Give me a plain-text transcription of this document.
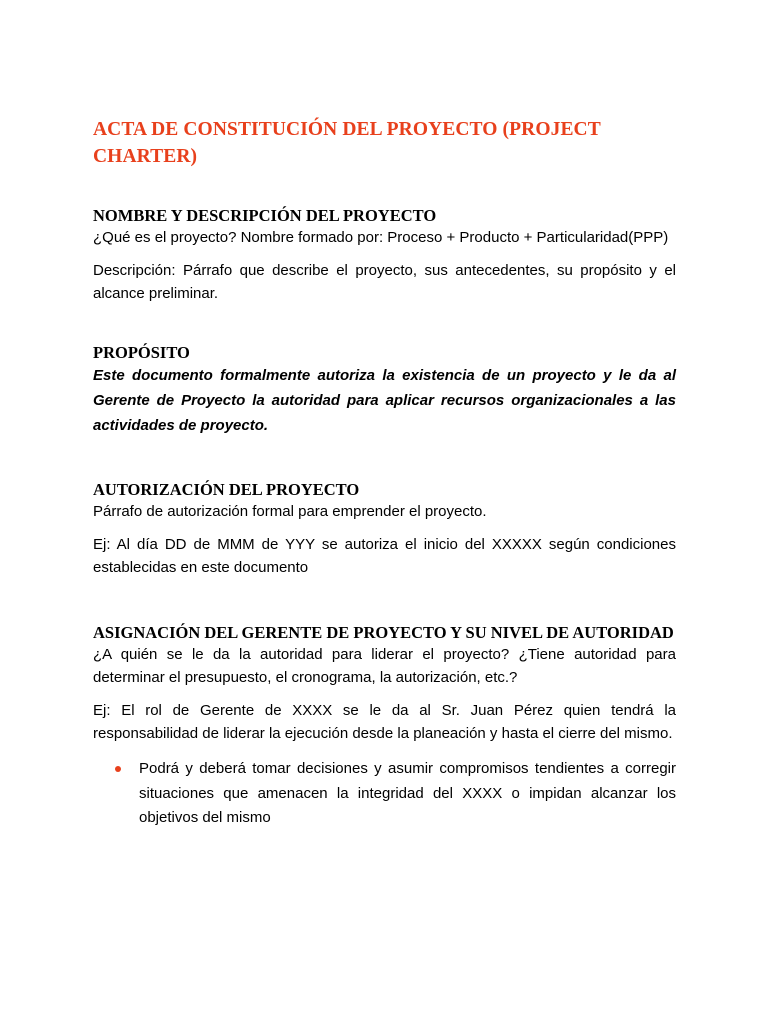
ACTA DE CONSTITUCIÓN DEL PROYECTO (PROJECT CHARTER)
NOMBRE Y DESCRIPCIÓN DEL PROYECTO

¿Qué es el proyecto? Nombre formado por: Proceso + Producto + Particularidad(PPP)

Descripción: Párrafo que describe el proyecto, sus antecedentes, su propósito y el alcance preliminar.

PROPÓSITO

Este documento formalmente autoriza la existencia de un proyecto y le da al Gerente de Proyecto la autoridad para aplicar recursos organizacionales a las actividades de proyecto.

AUTORIZACIÓN DEL PROYECTO

Párrafo de autorización formal para emprender el proyecto.

Ej: Al día DD de MMM de YYY se autoriza el inicio del XXXXX según condiciones establecidas en este documento

ASIGNACIÓN DEL GERENTE DE PROYECTO Y SU NIVEL DE AUTORIDAD

¿A quién se le da la autoridad para liderar el proyecto? ¿Tiene autoridad para determinar el presupuesto, el cronograma, la autorización, etc.?

Ej: El rol de Gerente de XXXX se le da al Sr. Juan Pérez quien tendrá la responsabilidad de liderar la ejecución desde la planeación y hasta el cierre del mismo.

Podrá y deberá tomar decisiones y asumir compromisos tendientes a corregir situaciones que amenacen la integridad del XXXX o impidan alcanzar los objetivos del mismo
